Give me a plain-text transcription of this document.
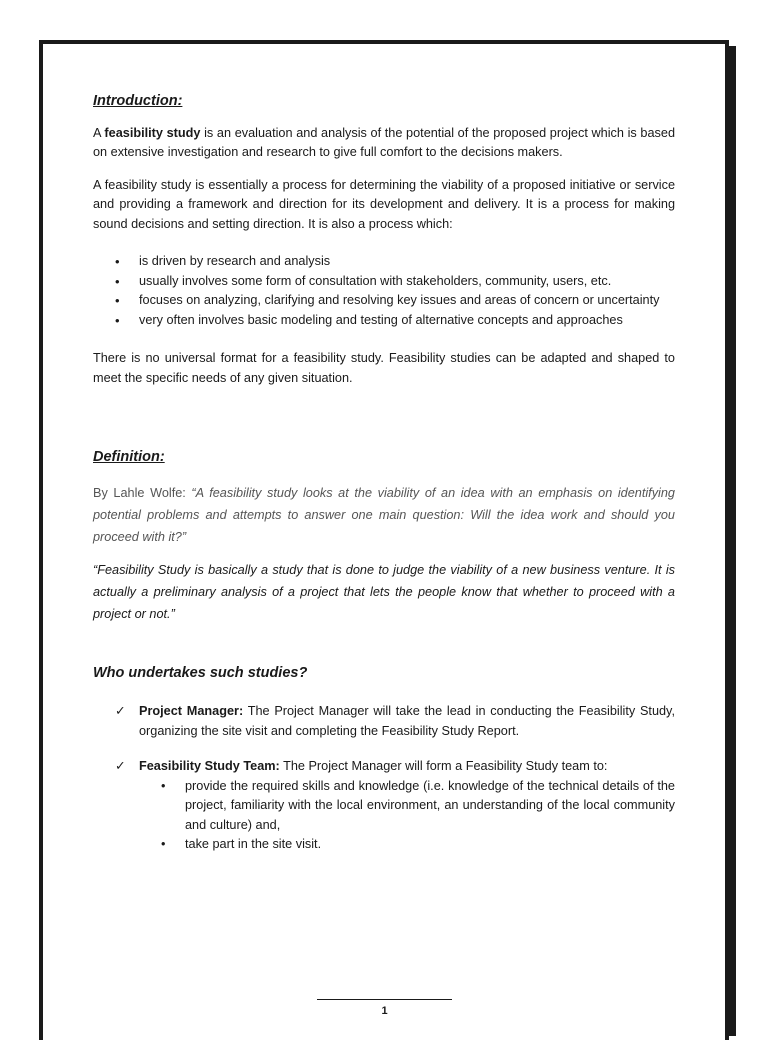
Introduction:

A feasibility study is an evaluation and analysis of the potential of the proposed project which is based on extensive investigation and research to give full comfort to the decisions makers.

A feasibility study is essentially a process for determining the viability of a proposed initiative or service and providing a framework and direction for its development and delivery. It is a process for making sound decisions and setting direction. It is also a process which:

• is driven by research and analysis
• usually involves some form of consultation with stakeholders, community, users, etc.
• focuses on analyzing, clarifying and resolving key issues and areas of concern or uncertainty
• very often involves basic modeling and testing of alternative concepts and approaches

There is no universal format for a feasibility study. Feasibility studies can be adapted and shaped to meet the specific needs of any given situation.

Definition:

By Lahle Wolfe: “A feasibility study looks at the viability of an idea with an emphasis on identifying potential problems and attempts to answer one main question: Will the idea work and should you proceed with it?”

“Feasibility Study is basically a study that is done to judge the viability of a new business venture. It is actually a preliminary analysis of a project that lets the people know that whether to proceed with a project or not.”

Who undertakes such studies?
✓ Project Manager: The Project Manager will take the lead in conducting the Feasibility Study, organizing the site visit and completing the Feasibility Study Report.
✓ Feasibility Study Team: The Project Manager will form a Feasibility Study team to:
• provide the required skills and knowledge (i.e. knowledge of the technical details of the project, familiarity with the local environment, an understanding of the local community and culture) and,
• take part in the site visit.
1
